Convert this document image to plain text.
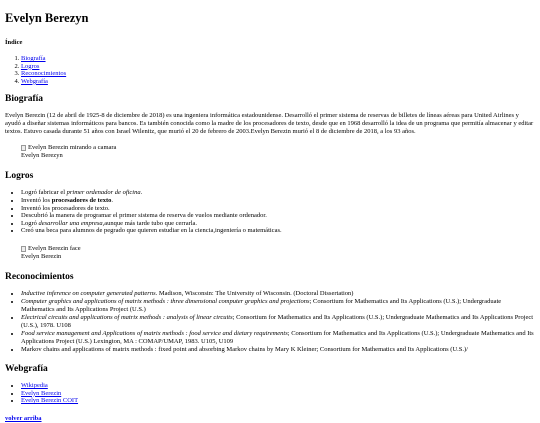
Evelyn Berezyn
Índice
1. Biografía
2. Logros
3. Reconocimientos
4. Webgrafía
Biografía

Evelyn Berezin (12 de abril de 1925-8 de diciembre de 2018) es una ingeniera informática estadounidense. Desarrolló el primer sistema de reservas de billetes de líneas aéreas para United Airlines y ayudó a diseñar sistemas informáticos para bancos. Es también conocida como la madre de los procesadores de texto, desde que en 1968 desarrolló la idea de un programa que permitía almacenar y editar textos. Estuvo casada durante 51 años con Israel Wilenitz, que murió el 20 de febrero de 2003.Evelyn Berezin murió el 8 de diciembre de 2018, a los 93 años.

Evelyn Berezin mirando a camara
Evelyn Berezyn
Logros
• Logró fabricar el primer ordenador de oficina.
• Inventó los procesadores de texto.
• Inventó los procesadores de texto.
• Descubrió la manera de programar el primer sistema de reserva de vuelos mediante ordenador.
• Logró desarrollar una empresa,aunque más tarde tubo que cerrarla.
• Creó una beca para alumnos de pegrado que quieren estudiar en la ciencia,ingeniería o matemáticas.
Evelyn Berezin face
Evelyn Berezin
Reconocimientos
• Inductive inference on computer generated patterns. Madison, Wisconsin: The University of Wisconsin. (Doctoral Dissertation)
• Computer graphics and applications of matrix methods : three dimensional computer graphics and projections; Consortium for Mathematics and Its Applications (U.S.); Undergraduate Mathematics and Its Applications Project (U.S.)
• Electrical circuits and applications of matrix methods : analysis of linear circuits; Consortium for Mathematics and Its Applications (U.S.); Undergraduate Mathematics and Its Applications Project (U.S.), 1978. U108
• Food service management and Applications of matrix methods : food service and dietary requirements; Consortium for Mathematics and Its Applications (U.S.); Undergraduate Mathematics and Its Applications Project (U.S.) Lexington, MA : COMAP/UMAP, 1983. U105, U109
• Markov chains and applications of matrix methods : fixed point and absorbing Markov chains by Mary K Kleiner; Consortium for Mathematics and Its Applications (U.S.)/
Webgrafía
• Wikipedia
• Evelyn Berezin
• Evelyn Berezin COIT
volver arriba
